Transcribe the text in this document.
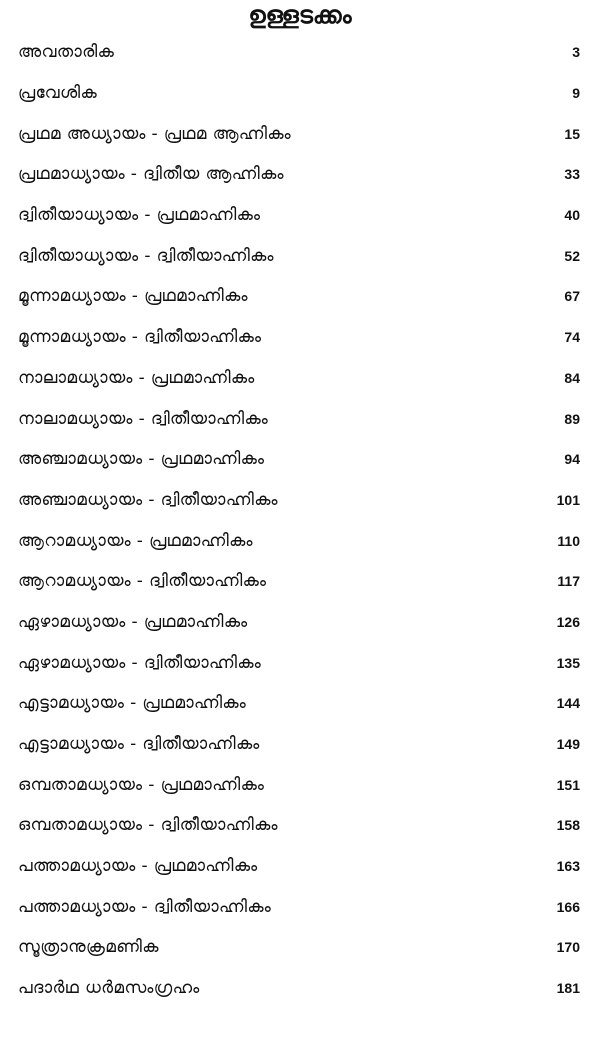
ഉള്ളടക്കം
അവതാരിക	3
പ്രവേശിക	9
പ്രഥമ അധ്യായം - പ്രഥമ ആഹ്നികം	15
പ്രഥമാധ്യായം - ദ്വിതീയ ആഹ്നികം	33
ദ്വിതീയാധ്യായം - പ്രഥമാഹ്നികം	40
ദ്വിതീയാധ്യായം - ദ്വിതീയാഹ്നികം	52
മൂന്നാമധ്യായം - പ്രഥമാഹ്നികം	67
മൂന്നാമധ്യായം - ദ്വിതീയാഹ്നികം	74
നാലാമധ്യായം - പ്രഥമാഹ്നികം	84
നാലാമധ്യായം - ദ്വിതീയാഹ്നികം	89
അഞ്ചാമധ്യായം - പ്രഥമാഹ്നികം	94
അഞ്ചാമധ്യായം - ദ്വിതീയാഹ്നികം	101
ആറാമധ്യായം - പ്രഥമാഹ്നികം	110
ആറാമധ്യായം - ദ്വിതീയാഹ്നികം	117
ഏഴാമധ്യായം - പ്രഥമാഹ്നികം	126
ഏഴാമധ്യായം - ദ്വിതീയാഹ്നികം	135
എട്ടാമധ്യായം - പ്രഥമാഹ്നികം	144
എട്ടാമധ്യായം - ദ്വിതീയാഹ്നികം	149
ഒമ്പതാമധ്യായം - പ്രഥമാഹ്നികം	151
ഒമ്പതാമധ്യായം - ദ്വിതീയാഹ്നികം	158
പത്താമധ്യായം - പ്രഥമാഹ്നികം	163
പത്താമധ്യായം - ദ്വിതീയാഹ്നികം	166
സൂത്രാനുക്രമണിക	170
പദാർഥ ധർമസംഗ്രഹം	181
